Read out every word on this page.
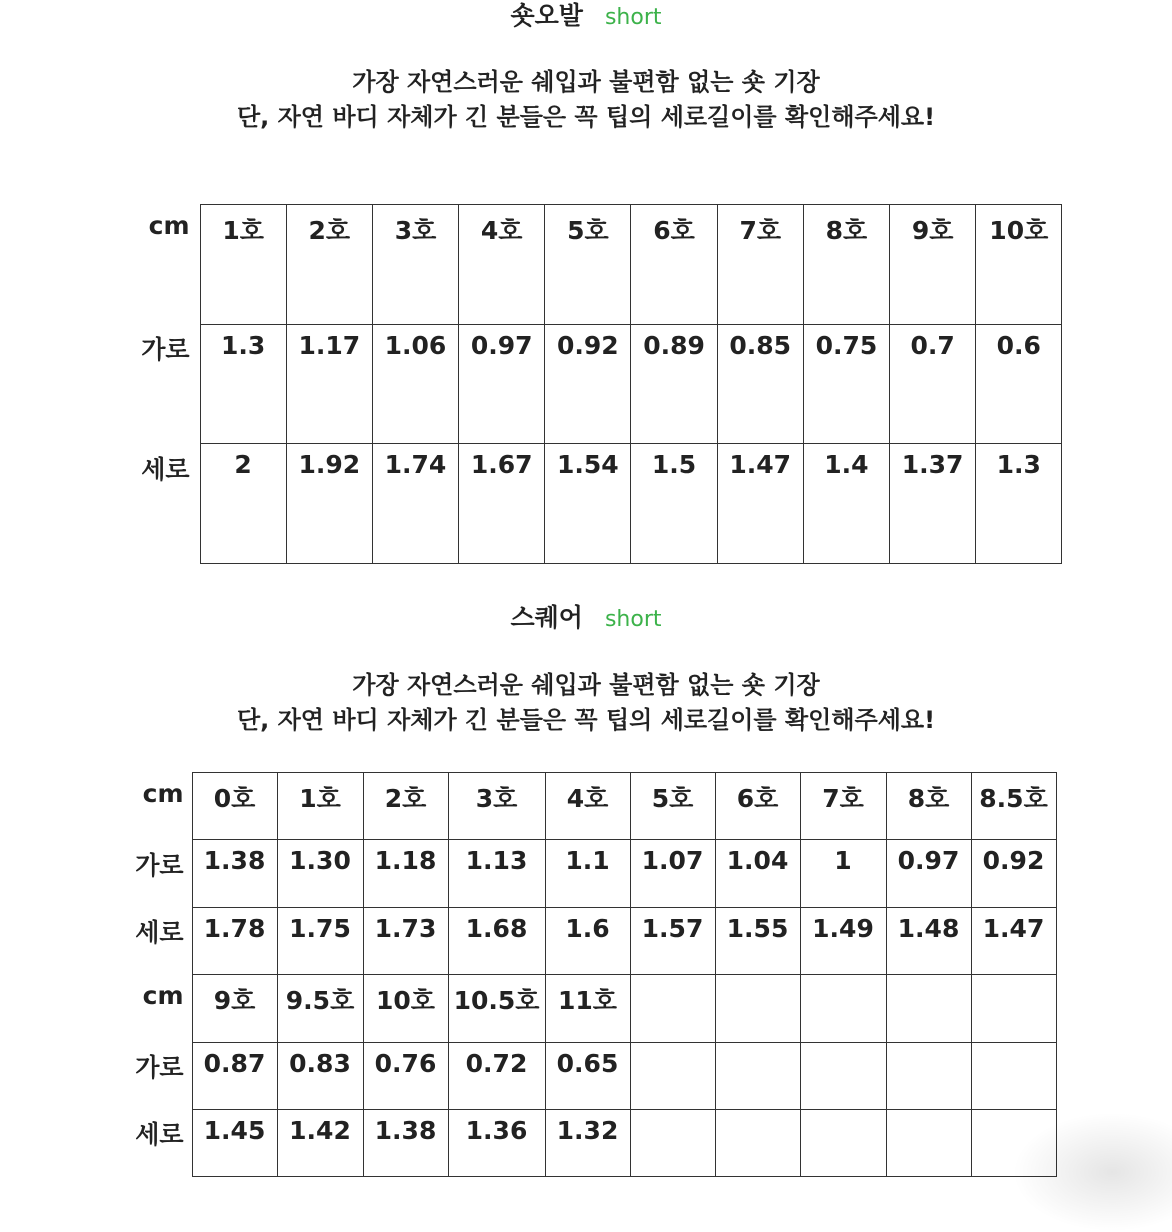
숏오발 short
가장 자연스러운 쉐입과 불편함 없는 숏 기장
단, 자연 바디 자체가 긴 분들은 꼭 팁의 세로길이를 확인해주세요!
cm	1호	2호	3호	4호	5호	6호	7호	8호	9호	10호
가로	1.3	1.17	1.06	0.97	0.92	0.89	0.85	0.75	0.7	0.6
세로	2	1.92	1.74	1.67	1.54	1.5	1.47	1.4	1.37	1.3
스퀘어 short
가장 자연스러운 쉐입과 불편함 없는 숏 기장
단, 자연 바디 자체가 긴 분들은 꼭 팁의 세로길이를 확인해주세요!
cm	0호	1호	2호	3호	4호	5호	6호	7호	8호	8.5호
가로	1.38	1.30	1.18	1.13	1.1	1.07	1.04	1	0.97	0.92
세로	1.78	1.75	1.73	1.68	1.6	1.57	1.55	1.49	1.48	1.47
cm	9호	9.5호	10호	10.5호	11호					
가로	0.87	0.83	0.76	0.72	0.65					
세로	1.45	1.42	1.38	1.36	1.32					
